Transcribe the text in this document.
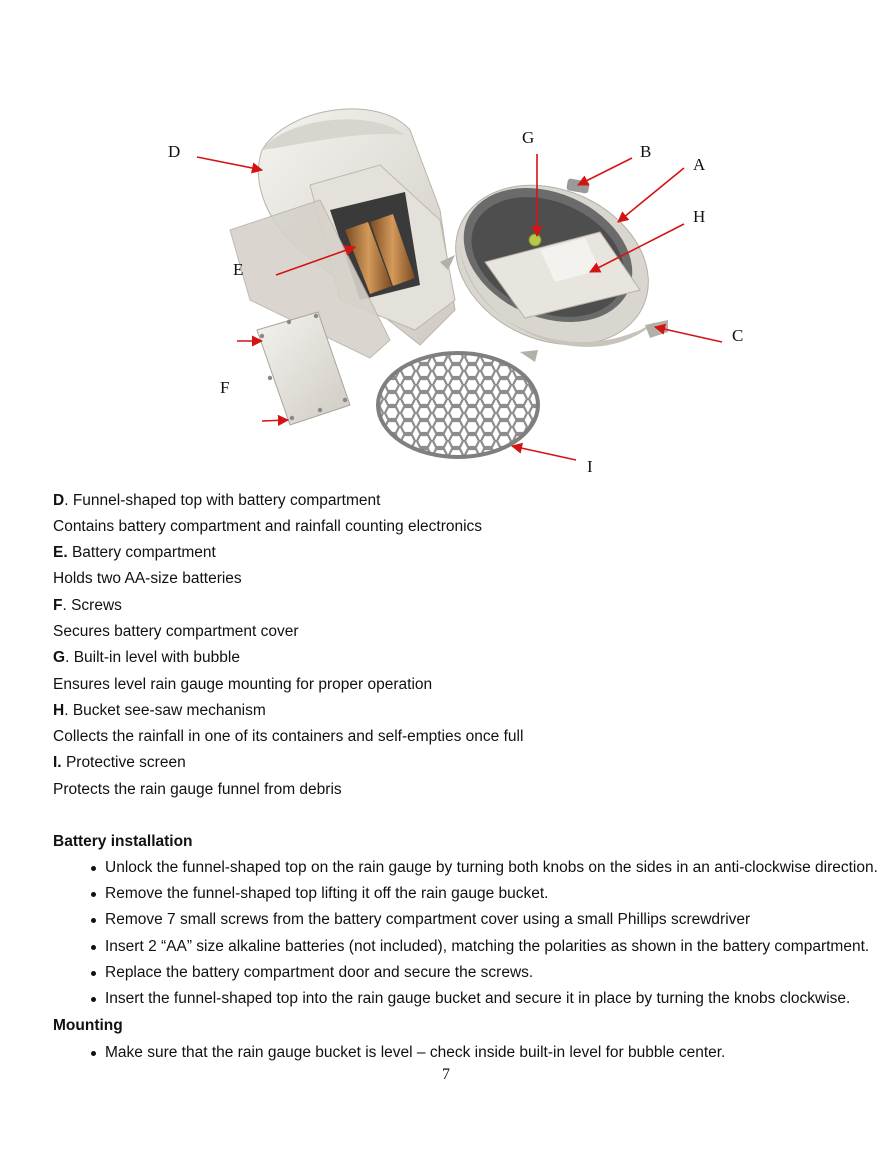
D
G
B
A
H
E
C
F
I
D. Funnel-shaped top with battery compartment
Contains battery compartment and rainfall counting electronics
E. Battery compartment
Holds two AA-size batteries
F. Screws
Secures battery compartment cover
G. Built-in level with bubble
Ensures level rain gauge mounting for proper operation
H. Bucket see-saw mechanism
Collects the rainfall in one of its containers and self-empties once full
I. Protective screen
Protects the rain gauge funnel from debris
Battery installation
Unlock the funnel-shaped top on the rain gauge by turning both knobs on the sides in an anti-clockwise direction.
Remove the funnel-shaped top lifting it off the rain gauge bucket.
Remove 7 small screws from the battery compartment cover using a small Phillips screwdriver
Insert 2 “AA” size alkaline batteries (not included), matching the polarities as shown in the battery compartment.
Replace the battery compartment door and secure the screws.
Insert the funnel-shaped top into the rain gauge bucket and secure it in place by turning the knobs clockwise.
Mounting
Make sure that the rain gauge bucket is level – check inside built-in level for bubble center.
7
